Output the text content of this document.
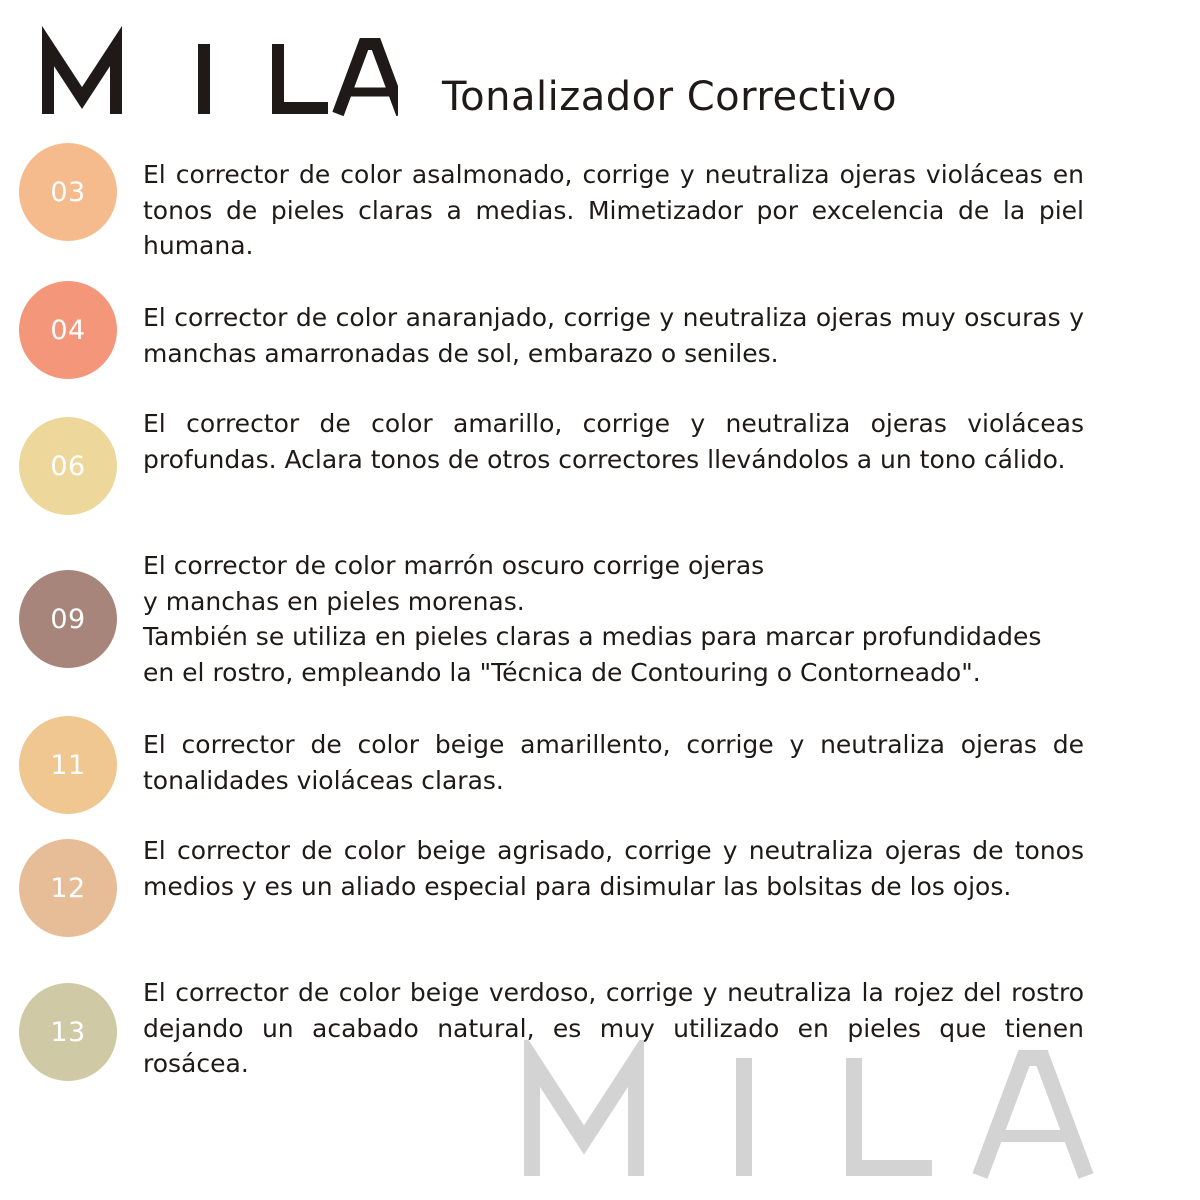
Tonalizador Correctivo
03

El corrector de color asalmonado, corrige y neutraliza ojeras violáceas en tonos de pieles claras a medias. Mimetizador por excelencia de la piel humana.

04 El corrector de color anaranjado, corrige y neutraliza ojeras muy oscuras y manchas amarronadas de sol, embarazo o seniles.

06

El corrector de color amarillo, corrige y neutraliza ojeras violáceas profundas. Aclara tonos de otros correctores llevándolos a un tono cálido.

09

El corrector de color marrón oscuro corrige ojeras
y manchas en pieles morenas.
También se utiliza en pieles claras a medias para marcar profundidades
en el rostro, empleando la "Técnica de Contouring o Contorneado".

11

El corrector de color beige amarillento, corrige y neutraliza ojeras de tonalidades violáceas claras.

12

El corrector de color beige agrisado, corrige y neutraliza ojeras de tonos medios y es un aliado especial para disimular las bolsitas de los ojos.

13

El corrector de color beige verdoso, corrige y neutraliza la rojez del rostro dejando un acabado natural, es muy utilizado en pieles que tienen rosácea.
